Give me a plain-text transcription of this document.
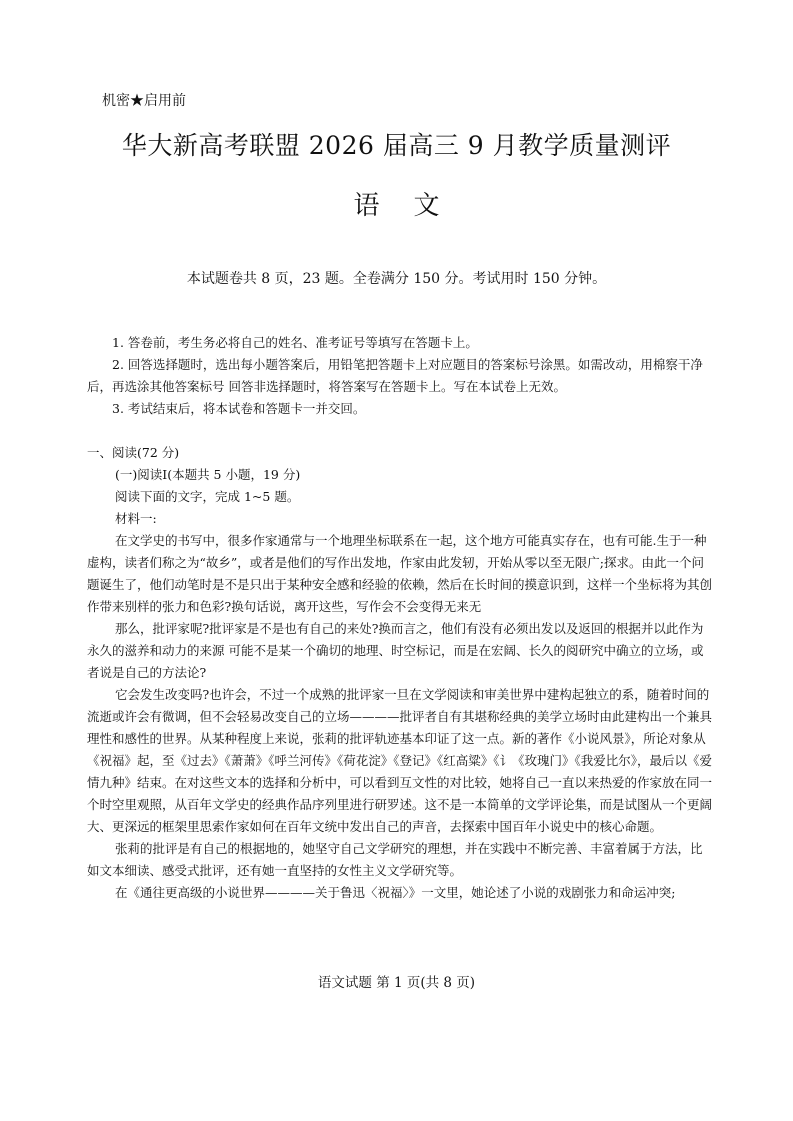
机密★启用前
华大新高考联盟 2026 届高三 9 月教学质量测评
语文
本试题卷共 8 页，23 题。全卷满分 150 分。考试用时 150 分钟。

1. 答卷前，考生务必将自己的姓名、准考证号等填写在答题卡上。

2. 回答选择题时，选出每小题答案后，用铅笔把答题卡上对应题目的答案标号涂黑。如需改动，用棉察干净后，再选涂其他答案标号 回答非选择题时，将答案写在答题卡上。写在本试卷上无效。

3. 考试结束后，将本试卷和答题卡一并交回。

一、阅读(72 分)

(一)阅读Ⅰ(本题共 5 小题，19 分)

阅读下面的文字，完成 1~5 题。

材料一:

在文学史的书写中，很多作家通常与一个地理坐标联系在一起，这个地方可能真实存在，也有可能.生于一种虚构，读者们称之为“故乡”，或者是他们的写作出发地，作家由此发轫，开始从零以至无限广;探求。由此一个问题诞生了，他们动笔时是不是只出于某种安全感和经验的依赖，然后在长时间的摸意识到，这样一个坐标将为其创作带来别样的张力和色彩?换句话说，离开这些，写作会不会变得无来无

那么，批评家呢?批评家是不是也有自己的来处?换而言之，他们有没有必须出发以及返回的根据并以此作为永久的滋养和动力的来源 可能不是某一个确切的地理、时空标记，而是在宏阔、长久的阅研究中确立的立场，或者说是自己的方法论?

它会发生改变吗?也许会，不过一个成熟的批评家一旦在文学阅读和审美世界中建构起独立的系，随着时间的流逝或许会有微调，但不会轻易改变自己的立场————批评者自有其堪称经典的美学立场时由此建构出一个兼具理性和感性的世界。从某种程度上来说，张莉的批评轨迹基本印证了这一点。新的著作《小说风景》，所论对象从《祝福》起，至《过去》《萧萧》《呼兰河传》《荷花淀》《登记》《红高粱》《讠《玫瑰门》《我爱比尔》，最后以《爱情九种》结束。在对这些文本的选择和分析中，可以看到互文性的对比较，她将自己一直以来热爱的作家放在同一个时空里观照，从百年文学史的经典作品序列里进行研罗述。这不是一本简单的文学评论集，而是试图从一个更阔大、更深远的框架里思索作家如何在百年文统中发出自己的声音，去探索中国百年小说史中的核心命题。

张莉的批评是有自己的根据地的，她坚守自己文学研究的理想，并在实践中不断完善、丰富着属于方法，比如文本细读、感受式批评，还有她一直坚持的女性主义文学研究等。

在《通往更高级的小说世界————关于鲁迅〈祝福〉》一文里，她论述了小说的戏剧张力和命运冲突;

语文试题 第 1 页(共 8 页)
